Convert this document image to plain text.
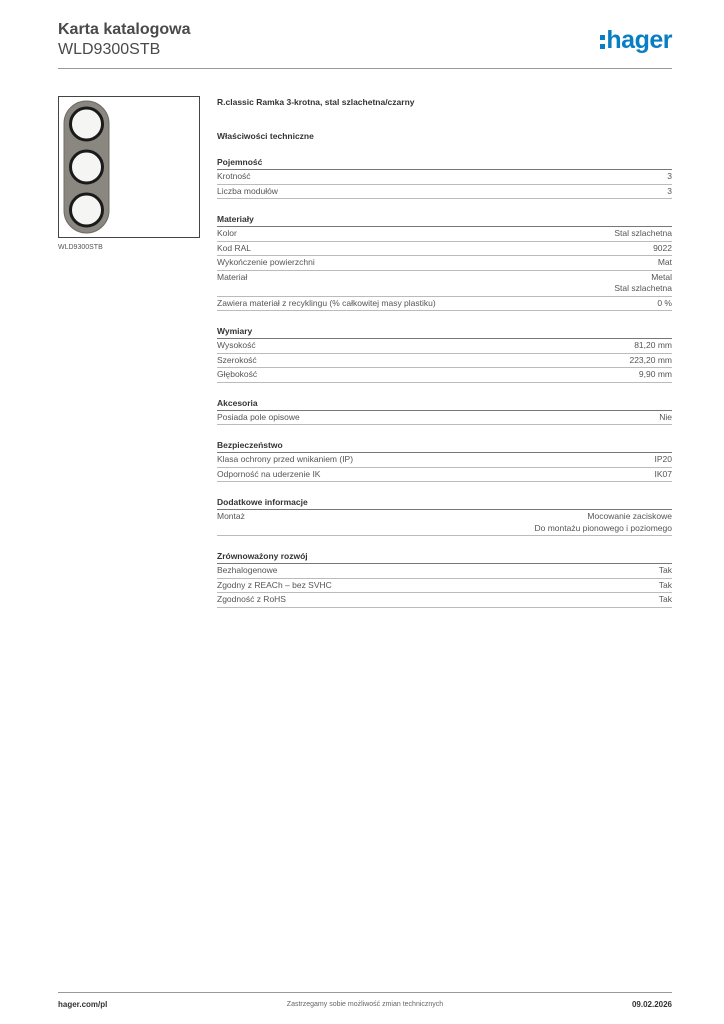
Karta katalogowa
WLD9300STB	hager
WLD9300STB
R.classic Ramka 3-krotna, stal szlachetna/czarny
Właściwości techniczne
Pojemność
Krotność	3
Liczba modułów	3
Materiały
Kolor	Stal szlachetna
Kod RAL	9022
Wykończenie powierzchni	Mat
Materiał	Metal
Stal szlachetna
Zawiera materiał z recyklingu (% całkowitej masy plastiku)	0 %
Wymiary
Wysokość	81,20 mm
Szerokość	223,20 mm
Głębokość	9,90 mm
Akcesoria
Posiada pole opisowe	Nie
Bezpieczeństwo
Klasa ochrony przed wnikaniem (IP)	IP20
Odporność na uderzenie IK	IK07
Dodatkowe informacje
Montaż	Mocowanie zaciskowe
Do montażu pionowego i poziomego
Zrównoważony rozwój
Bezhalogenowe	Tak
Zgodny z REACh – bez SVHC	Tak
Zgodność z RoHS	Tak
hager.com/pl	Zastrzegamy sobie możliwość zmian technicznych	09.02.2026
